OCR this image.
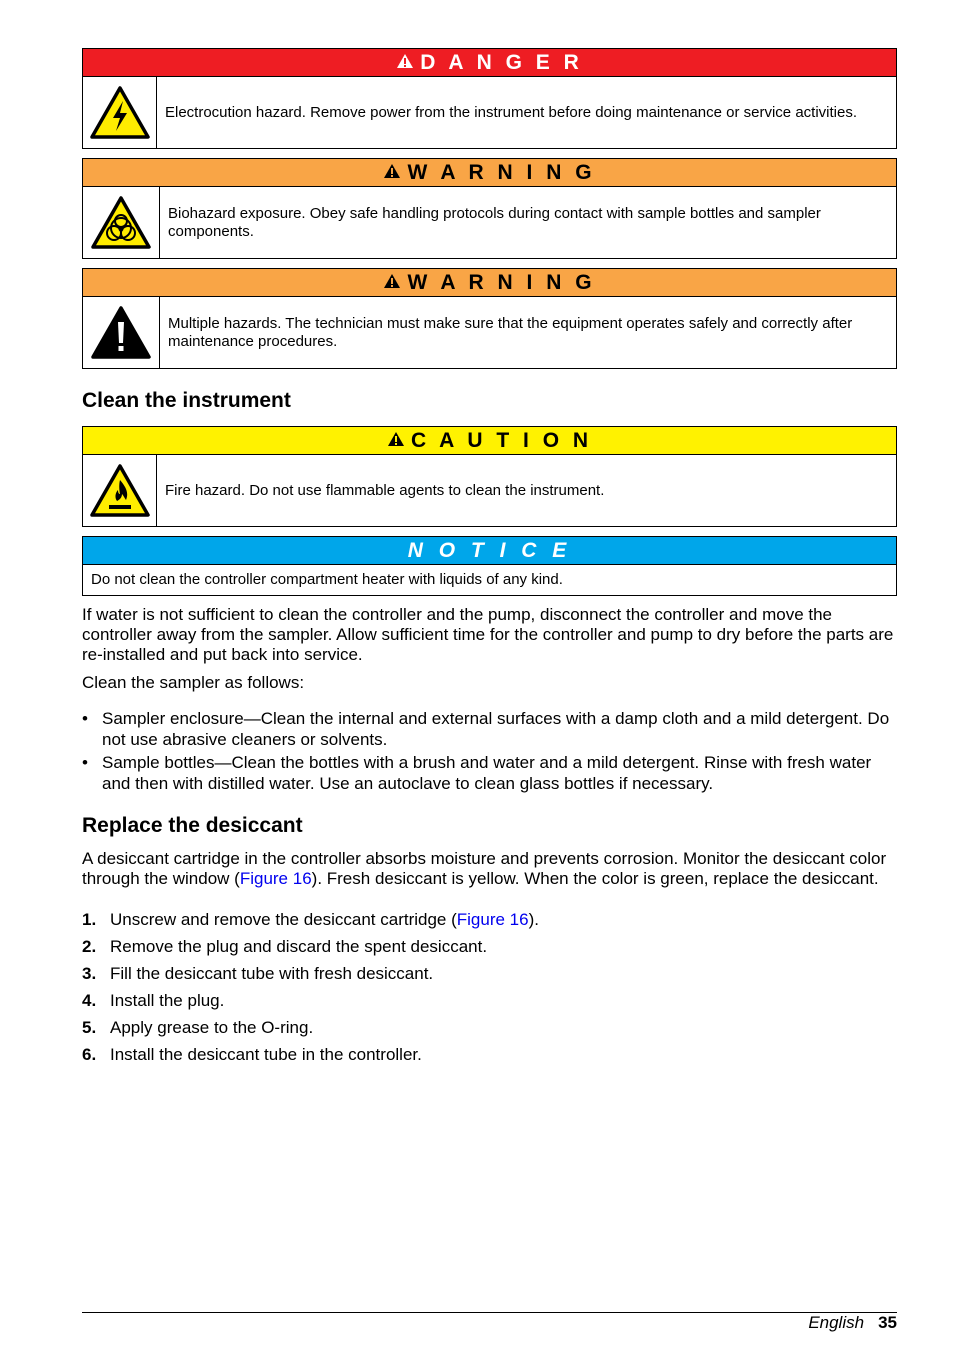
D A N G E R
Electrocution hazard. Remove power from the instrument before doing maintenance or service activities.
W A R N I N G
Biohazard exposure. Obey safe handling protocols during contact with sample bottles and sampler components.
W A R N I N G
Multiple hazards. The technician must make sure that the equipment operates safely and correctly after maintenance procedures.
Clean the instrument
C A U T I O N
Fire hazard. Do not use flammable agents to clean the instrument.
N O T I C E
Do not clean the controller compartment heater with liquids of any kind.

If water is not sufficient to clean the controller and the pump, disconnect the controller and move the controller away from the sampler. Allow sufficient time for the controller and pump to dry before the parts are re-installed and put back into service.

Clean the sampler as follows:

• Sampler enclosure—Clean the internal and external surfaces with a damp cloth and a mild detergent. Do not use abrasive cleaners or solvents.
• Sample bottles—Clean the bottles with a brush and water and a mild detergent. Rinse with fresh water and then with distilled water. Use an autoclave to clean glass bottles if necessary.
Replace the desiccant

A desiccant cartridge in the controller absorbs moisture and prevents corrosion. Monitor the desiccant color through the window (Figure 16). Fresh desiccant is yellow. When the color is green, replace the desiccant.

1. Unscrew and remove the desiccant cartridge (Figure 16).
2. Remove the plug and discard the spent desiccant.
3. Fill the desiccant tube with fresh desiccant.
4. Install the plug.
5. Apply grease to the O-ring.
6. Install the desiccant tube in the controller.
English 35
